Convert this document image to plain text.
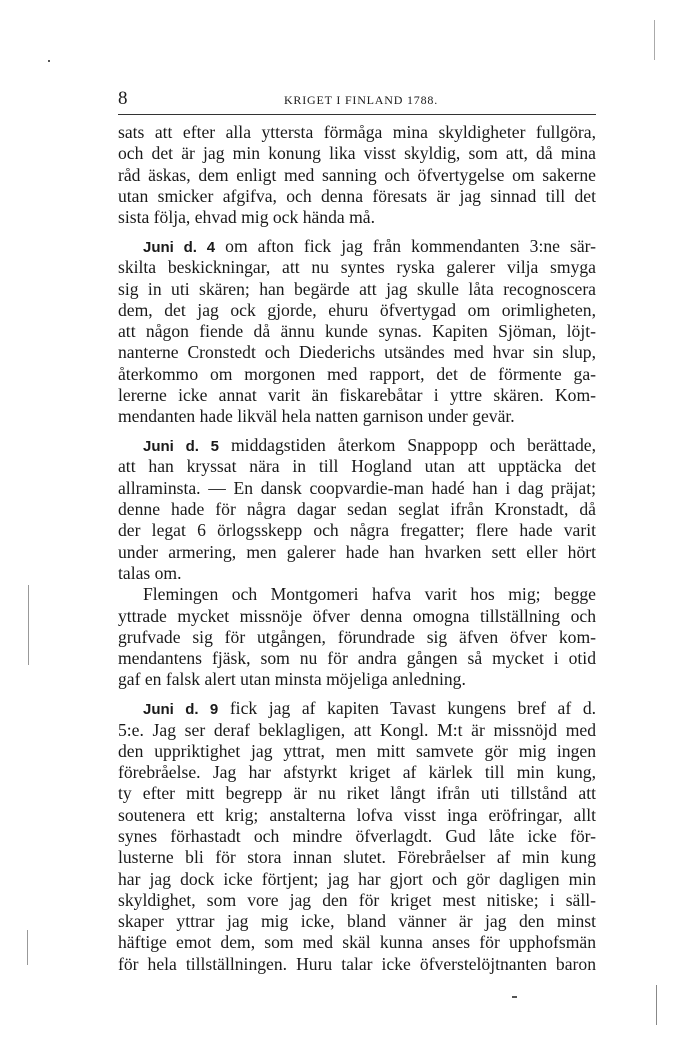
8	KRIGET I FINLAND 1788.
sats att efter alla yttersta förmåga mina skyldigheter fullgöra,
och det är jag min konung lika visst skyldig, som att, då mina
råd äskas, dem enligt med sanning och öfvertygelse om sakerne
utan smicker afgifva, och denna föresats är jag sinnad till det
sista följa, ehvad mig ock hända må.
Juni d. 4 om afton fick jag från kommendanten 3:ne sär-
skilta beskickningar, att nu syntes ryska galerer vilja smyga
sig in uti skären; han begärde att jag skulle låta recognoscera
dem, det jag ock gjorde, ehuru öfvertygad om orimligheten,
att någon fiende då ännu kunde synas. Kapiten Sjöman, löjt-
nanterne Cronstedt och Diederichs utsändes med hvar sin slup,
återkommo om morgonen med rapport, det de förmente ga-
lererne icke annat varit än fiskarebåtar i yttre skären. Kom-
mendanten hade likväl hela natten garnison under gevär.
Juni d. 5 middagstiden återkom Snappopp och berättade,
att han kryssat nära in till Hogland utan att upptäcka det
allraminsta. — En dansk coopvardie-man hadé han i dag präjat;
denne hade för några dagar sedan seglat ifrån Kronstadt, då
der legat 6 örlogsskepp och några fregatter; flere hade varit
under armering, men galerer hade han hvarken sett eller hört
talas om.
Flemingen och Montgomeri hafva varit hos mig; begge
yttrade mycket missnöje öfver denna omogna tillställning och
grufvade sig för utgången, förundrade sig äfven öfver kom-
mendantens fjäsk, som nu för andra gången så mycket i otid
gaf en falsk alert utan minsta möjeliga anledning.
Juni d. 9 fick jag af kapiten Tavast kungens bref af d.
5:e. Jag ser deraf beklagligen, att Kongl. M:t är missnöjd med
den uppriktighet jag yttrat, men mitt samvete gör mig ingen
förebråelse. Jag har afstyrkt kriget af kärlek till min kung,
ty efter mitt begrepp är nu riket långt ifrån uti tillstånd att
soutenera ett krig; anstalterna lofva visst inga eröfringar, allt
synes förhastadt och mindre öfverlagdt. Gud låte icke för-
lusterne bli för stora innan slutet. Förebråelser af min kung
har jag dock icke förtjent; jag har gjort och gör dagligen min
skyldighet, som vore jag den för kriget mest nitiske; i säll-
skaper yttrar jag mig icke, bland vänner är jag den minst
häftige emot dem, som med skäl kunna anses för upphofsmän
för hela tillställningen. Huru talar icke öfverstelöjtnanten baron
